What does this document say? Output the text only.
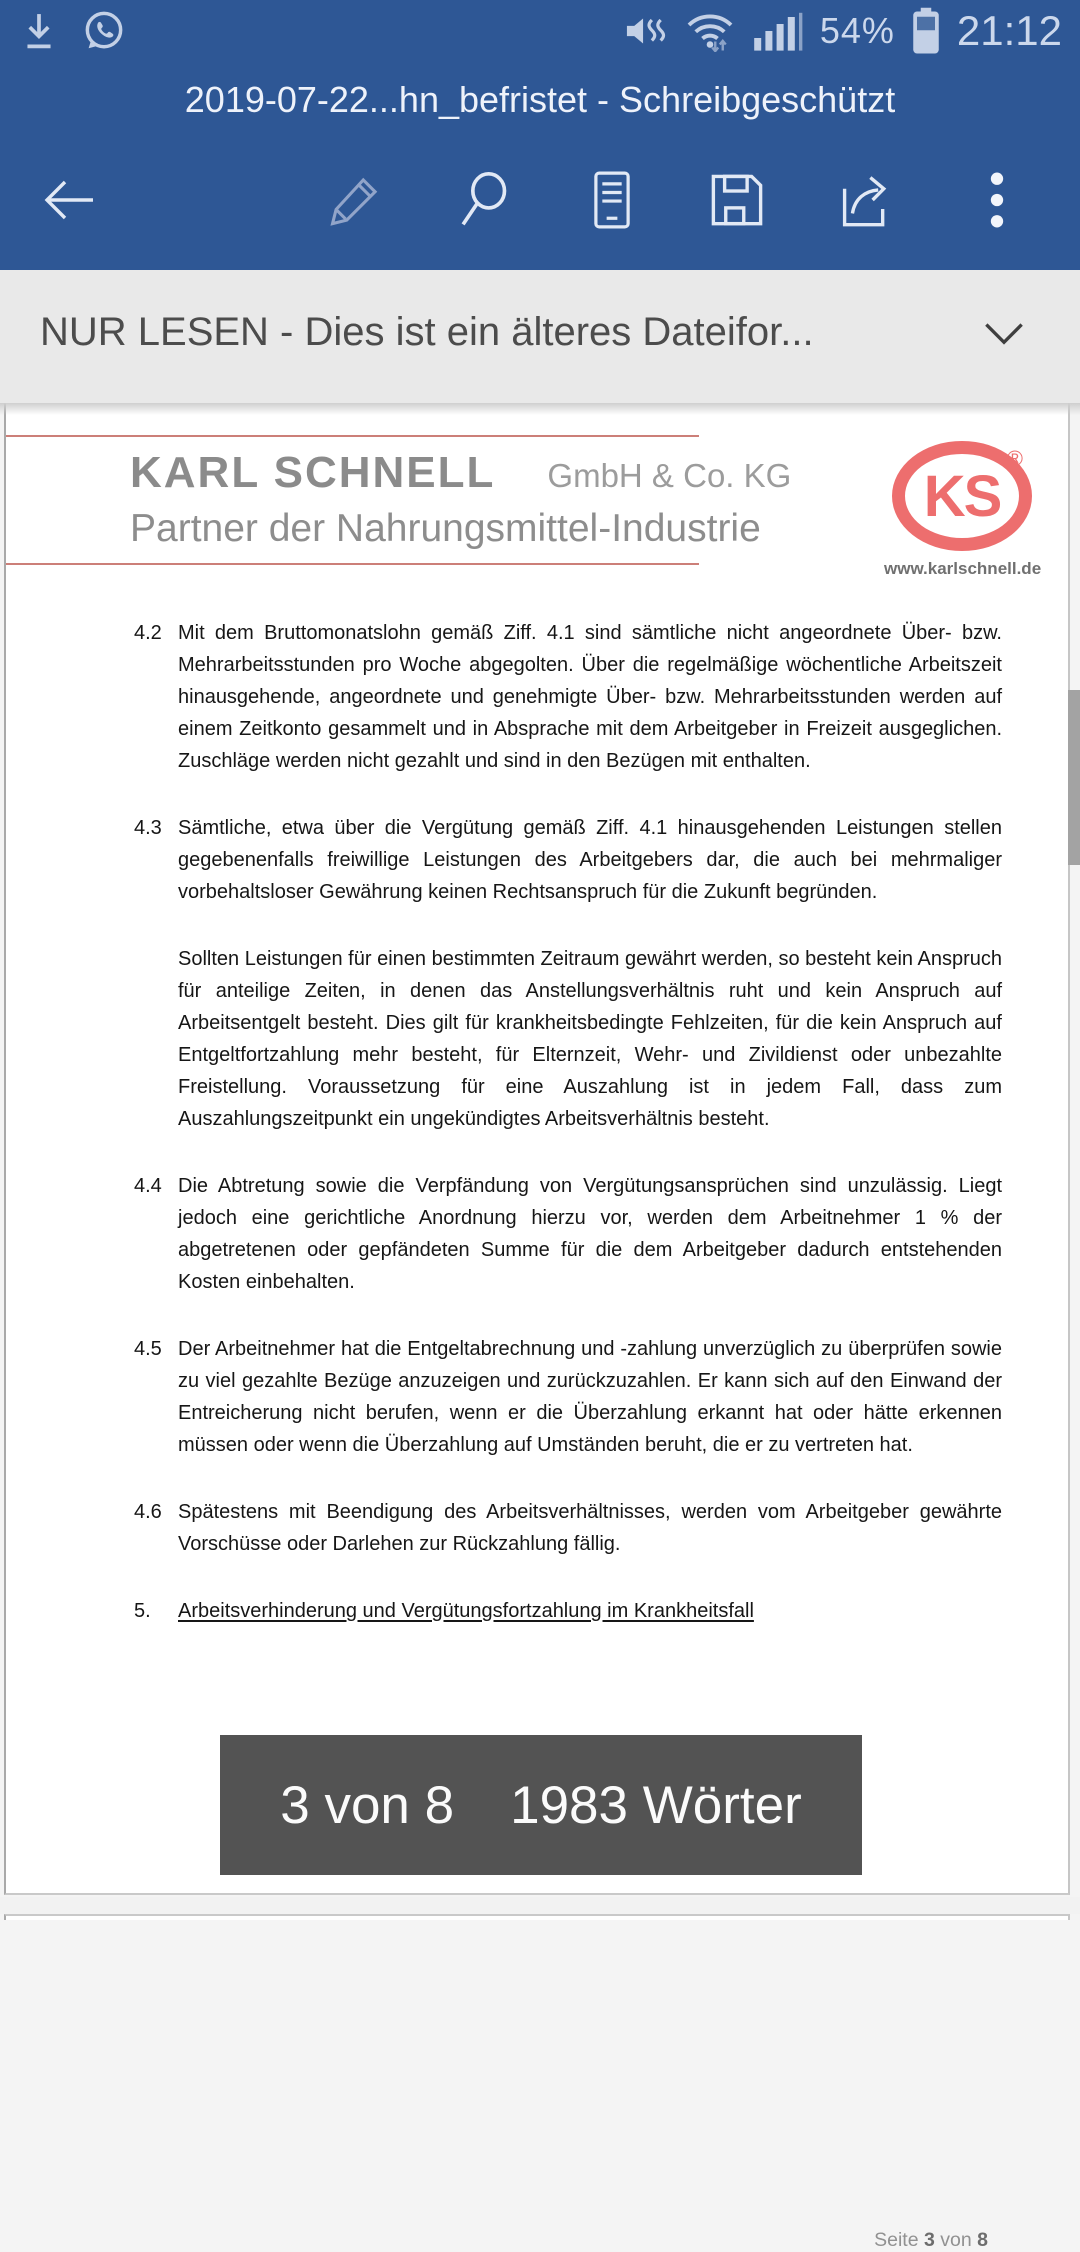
54% 21:12
2019-07-22...hn_befristet - Schreibgeschützt
NUR LESEN - Dies ist ein älteres Dateifor...
KARL SCHNELL GmbH & Co. KG
Partner der Nahrungsmittel-Industrie	KS
®
www.karlschnell.de
4.2 Mit dem Bruttomonatslohn gemäß Ziff. 4.1 sind sämtliche nicht angeordnete Über- bzw. Mehrarbeitsstunden pro Woche abgegolten. Über die regelmäßige wöchentliche Arbeitszeit hinausgehende, angeordnete und genehmigte Über- bzw. Mehrarbeitsstunden werden auf einem Zeitkonto gesammelt und in Absprache mit dem Arbeitgeber in Freizeit ausgeglichen. Zuschläge werden nicht gezahlt und sind in den Bezügen mit enthalten.
4.3 Sämtliche, etwa über die Vergütung gemäß Ziff. 4.1 hinausgehenden Leistungen stellen gegebenenfalls freiwillige Leistungen des Arbeitgebers dar, die auch bei mehrmaliger vorbehaltsloser Gewährung keinen Rechtsanspruch für die Zukunft begründen.
Sollten Leistungen für einen bestimmten Zeitraum gewährt werden, so besteht kein Anspruch für anteilige Zeiten, in denen das Anstellungsverhältnis ruht und kein Anspruch auf Arbeitsentgelt besteht. Dies gilt für krankheitsbedingte Fehlzeiten, für die kein Anspruch auf Entgeltfortzahlung mehr besteht, für Elternzeit, Wehr- und Zivildienst oder unbezahlte Freistellung. Voraussetzung für eine Auszahlung ist in jedem Fall, dass zum Auszahlungszeitpunkt ein ungekündigtes Arbeitsverhältnis besteht.
4.4 Die Abtretung sowie die Verpfändung von Vergütungsansprüchen sind unzulässig. Liegt jedoch eine gerichtliche Anordnung hierzu vor, werden dem Arbeitnehmer 1 % der abgetretenen oder gepfändeten Summe für die dem Arbeitgeber dadurch entstehenden Kosten einbehalten.
4.5 Der Arbeitnehmer hat die Entgeltabrechnung und -zahlung unverzüglich zu überprüfen sowie zu viel gezahlte Bezüge anzuzeigen und zurückzuzahlen. Er kann sich auf den Einwand der Entreicherung nicht berufen, wenn er die Überzahlung erkannt hat oder hätte erkennen müssen oder wenn die Überzahlung auf Umständen beruht, die er zu vertreten hat.
4.6 Spätestens mit Beendigung des Arbeitsverhältnisses, werden vom Arbeitgeber gewährte Vorschüsse oder Darlehen zur Rückzahlung fällig.
5.	Arbeitsverhinderung und Vergütungsfortzahlung im Krankheitsfall
Seite 3 von 8
3 von 8 1983 Wörter
